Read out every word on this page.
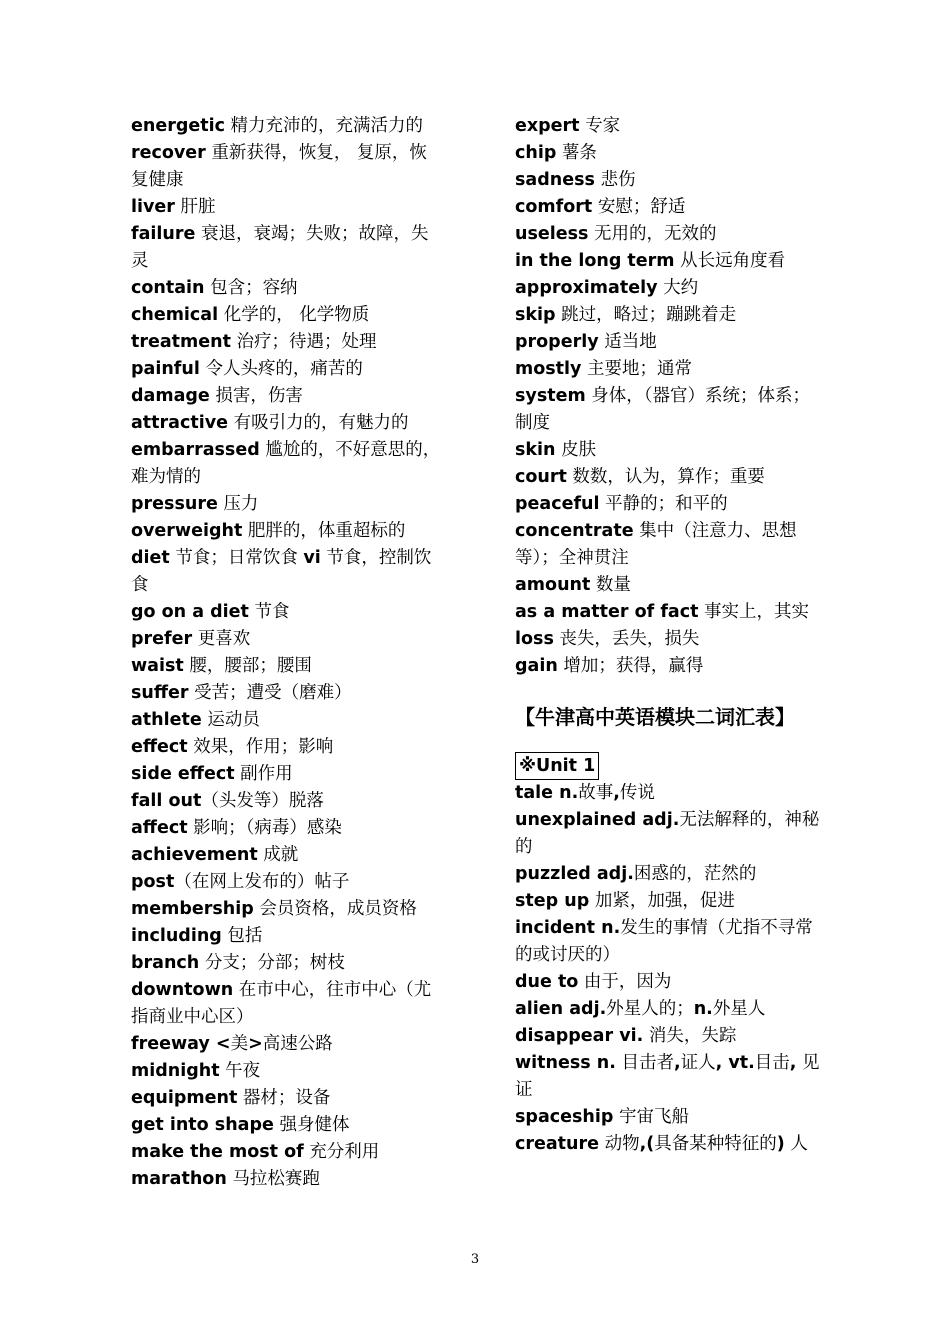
energetic 精力充沛的，充满活力的
recover 重新获得，恢复， 复原，恢复健康
liver 肝脏
failure 衰退，衰竭；失败；故障，失灵
contain 包含；容纳
chemical 化学的， 化学物质
treatment 治疗；待遇；处理
painful 令人头疼的，痛苦的
damage 损害，伤害
attractive 有吸引力的，有魅力的
embarrassed 尴尬的，不好意思的，难为情的
pressure 压力
overweight 肥胖的，体重超标的
diet 节食；日常饮食 vi 节食，控制饮食
go on a diet 节食
prefer 更喜欢
waist 腰，腰部；腰围
suffer 受苦；遭受（磨难）
athlete 运动员
effect 效果，作用；影响
side effect 副作用
fall out（头发等）脱落
affect 影响；（病毒）感染
achievement 成就
post（在网上发布的）帖子
membership 会员资格，成员资格
including 包括
branch 分支；分部；树枝
downtown 在市中心，往市中心（尤指商业中心区）
freeway <美>高速公路
midnight 午夜
equipment 器材；设备
get into shape 强身健体
make the most of 充分利用
marathon 马拉松赛跑
expert 专家
chip 薯条
sadness 悲伤
comfort 安慰；舒适
useless 无用的，无效的
in the long term 从长远角度看
approximately 大约
skip 跳过，略过；蹦跳着走
properly 适当地
mostly 主要地；通常
system 身体，（器官）系统；体系；制度
skin 皮肤
court 数数，认为，算作；重要
peaceful 平静的；和平的
concentrate 集中（注意力、思想等）；全神贯注
amount 数量
as a matter of fact 事实上，其实
loss 丧失，丢失，损失
gain 增加；获得，赢得
【牛津高中英语模块二词汇表】
※Unit 1
tale n.故事,传说
unexplained adj.无法解释的，神秘的
puzzled adj.困惑的，茫然的
step up 加紧，加强，促进
incident n.发生的事情（尤指不寻常的或讨厌的）
due to 由于，因为
alien adj.外星人的；n.外星人
disappear vi. 消失，失踪
witness n. 目击者,证人, vt.目击, 见证
spaceship 宇宙飞船
creature 动物,(具备某种特征的) 人
3
